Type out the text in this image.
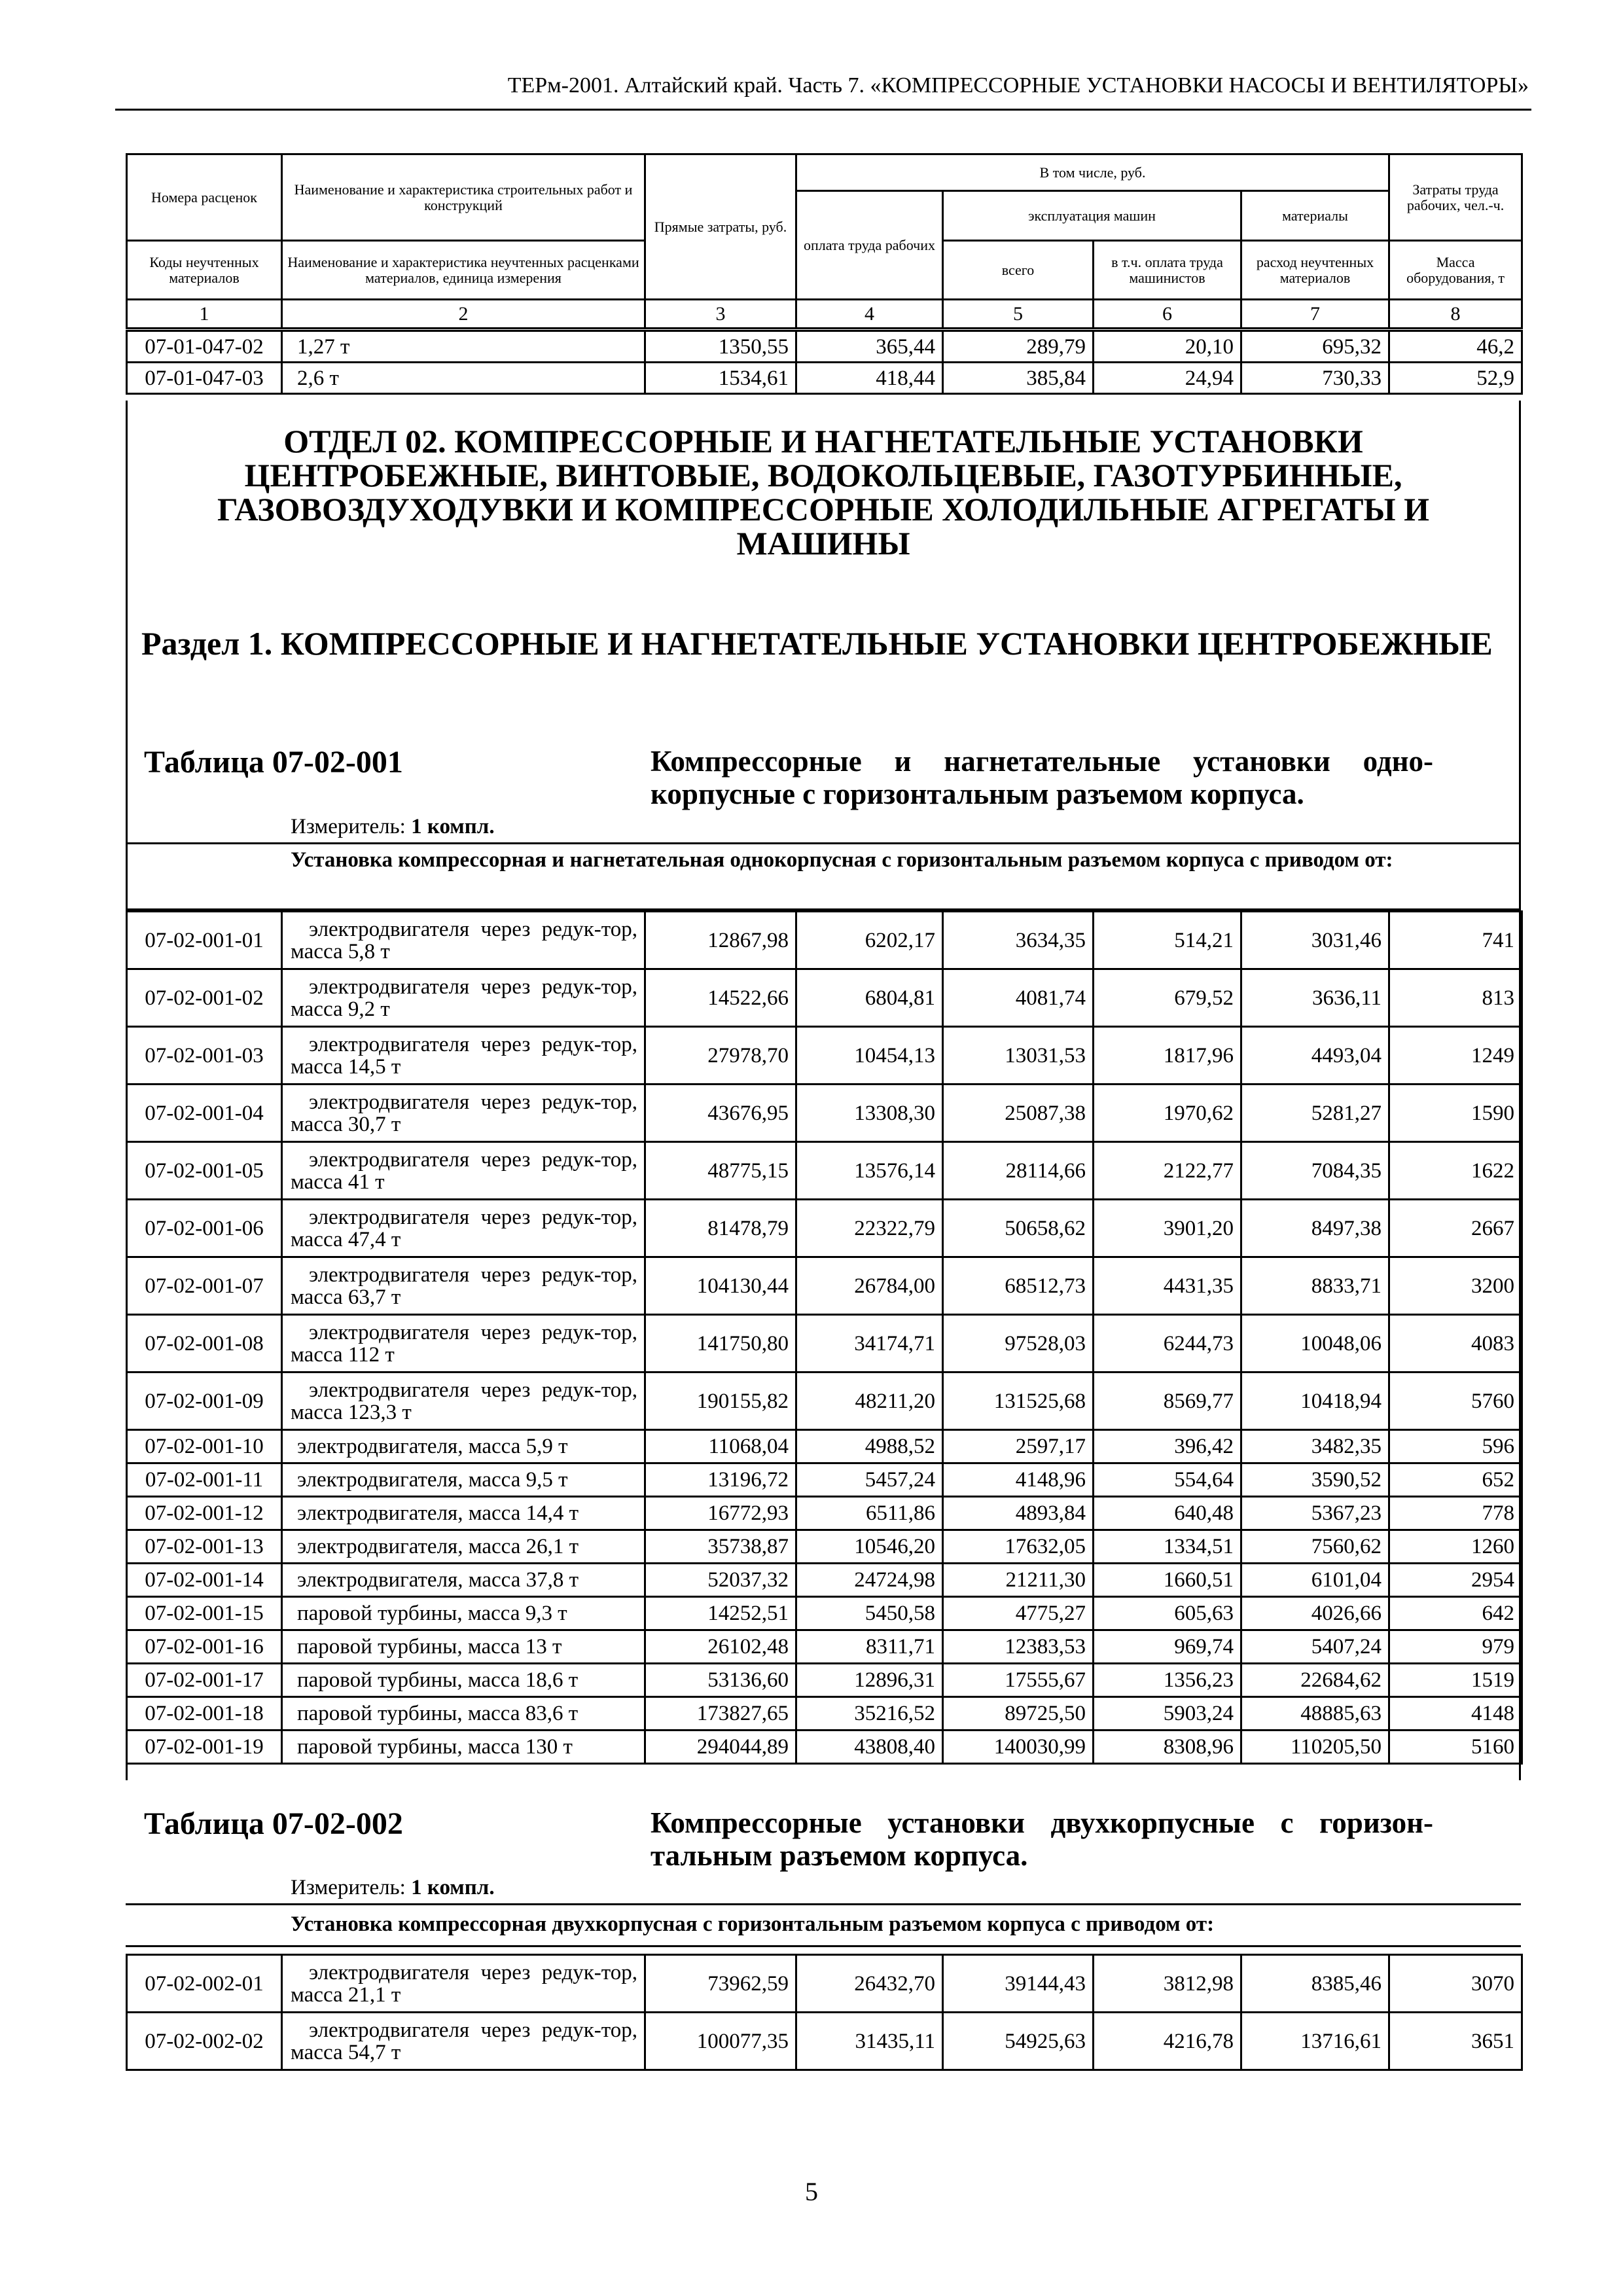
ТЕРм-2001. Алтайский край. Часть 7. «КОМПРЕССОРНЫЕ УСТАНОВКИ НАСОСЫ И ВЕНТИЛЯТОРЫ»
Номера расценок	Наименование и характеристика строительных работ и конструкций	Прямые затраты, руб.	В том числе, руб.				Затраты труда рабочих, чел.-ч.
			оплата труда рабочих	эксплуатация машин		материалы	
Коды неучтенных материалов	Наименование и характеристика неучтенных расценками материалов, единица измерения			всего	в т.ч. оплата труда машинистов	расход неучтенных материалов	Масса оборудования, т
1	2	3	4	5	6	7	8
07-01-047-02	1,27 т	1350,55	365,44	289,79	20,10	695,32	46,2
07-01-047-03	2,6 т	1534,61	418,44	385,84	24,94	730,33	52,9
ОТДЕЛ 02. КОМПРЕССОРНЫЕ И НАГНЕТАТЕЛЬНЫЕ УСТАНОВКИ ЦЕНТРОБЕЖНЫЕ, ВИНТОВЫЕ, ВОДОКОЛЬЦЕВЫЕ, ГАЗОТУРБИННЫЕ, ГАЗОВОЗДУХОДУВКИ И КОМПРЕССОРНЫЕ ХОЛОДИЛЬНЫЕ АГРЕГАТЫ И МАШИНЫ
Раздел 1. КОМПРЕССОРНЫЕ И НАГНЕТАТЕЛЬНЫЕ УСТАНОВКИ ЦЕНТРОБЕЖНЫЕ
Таблица 07-02-001	Компрессорные и нагнетательные установки одно-корпусные с горизонтальным разъемом корпуса.
Измеритель: 1 компл.
Установка компрессорная и нагнетательная однокорпусная с горизонтальным разъемом корпуса с приводом от:
07-02-001-01	электродвигателя через редук-тор, масса 5,8 т	12867,98	6202,17	3634,35	514,21	3031,46	741
07-02-001-02	электродвигателя через редук-тор, масса 9,2 т	14522,66	6804,81	4081,74	679,52	3636,11	813
07-02-001-03	электродвигателя через редук-тор, масса 14,5 т	27978,70	10454,13	13031,53	1817,96	4493,04	1249
07-02-001-04	электродвигателя через редук-тор, масса 30,7 т	43676,95	13308,30	25087,38	1970,62	5281,27	1590
07-02-001-05	электродвигателя через редук-тор, масса 41 т	48775,15	13576,14	28114,66	2122,77	7084,35	1622
07-02-001-06	электродвигателя через редук-тор, масса 47,4 т	81478,79	22322,79	50658,62	3901,20	8497,38	2667
07-02-001-07	электродвигателя через редук-тор, масса 63,7 т	104130,44	26784,00	68512,73	4431,35	8833,71	3200
07-02-001-08	электродвигателя через редук-тор, масса 112 т	141750,80	34174,71	97528,03	6244,73	10048,06	4083
07-02-001-09	электродвигателя через редук-тор, масса 123,3 т	190155,82	48211,20	131525,68	8569,77	10418,94	5760
07-02-001-10	электродвигателя, масса 5,9 т	11068,04	4988,52	2597,17	396,42	3482,35	596
07-02-001-11	электродвигателя, масса 9,5 т	13196,72	5457,24	4148,96	554,64	3590,52	652
07-02-001-12	электродвигателя, масса 14,4 т	16772,93	6511,86	4893,84	640,48	5367,23	778
07-02-001-13	электродвигателя, масса 26,1 т	35738,87	10546,20	17632,05	1334,51	7560,62	1260
07-02-001-14	электродвигателя, масса 37,8 т	52037,32	24724,98	21211,30	1660,51	6101,04	2954
07-02-001-15	паровой турбины, масса 9,3 т	14252,51	5450,58	4775,27	605,63	4026,66	642
07-02-001-16	паровой турбины, масса 13 т	26102,48	8311,71	12383,53	969,74	5407,24	979
07-02-001-17	паровой турбины, масса 18,6 т	53136,60	12896,31	17555,67	1356,23	22684,62	1519
07-02-001-18	паровой турбины, масса 83,6 т	173827,65	35216,52	89725,50	5903,24	48885,63	4148
07-02-001-19	паровой турбины, масса 130 т	294044,89	43808,40	140030,99	8308,96	110205,50	5160
Таблица 07-02-002	Компрессорные установки двухкорпусные с горизон-тальным разъемом корпуса.
Измеритель: 1 компл.
Установка компрессорная двухкорпусная с горизонтальным разъемом корпуса с приводом от:
07-02-002-01	электродвигателя через редук-тор, масса 21,1 т	73962,59	26432,70	39144,43	3812,98	8385,46	3070
07-02-002-02	электродвигателя через редук-тор, масса 54,7 т	100077,35	31435,11	54925,63	4216,78	13716,61	3651
5
